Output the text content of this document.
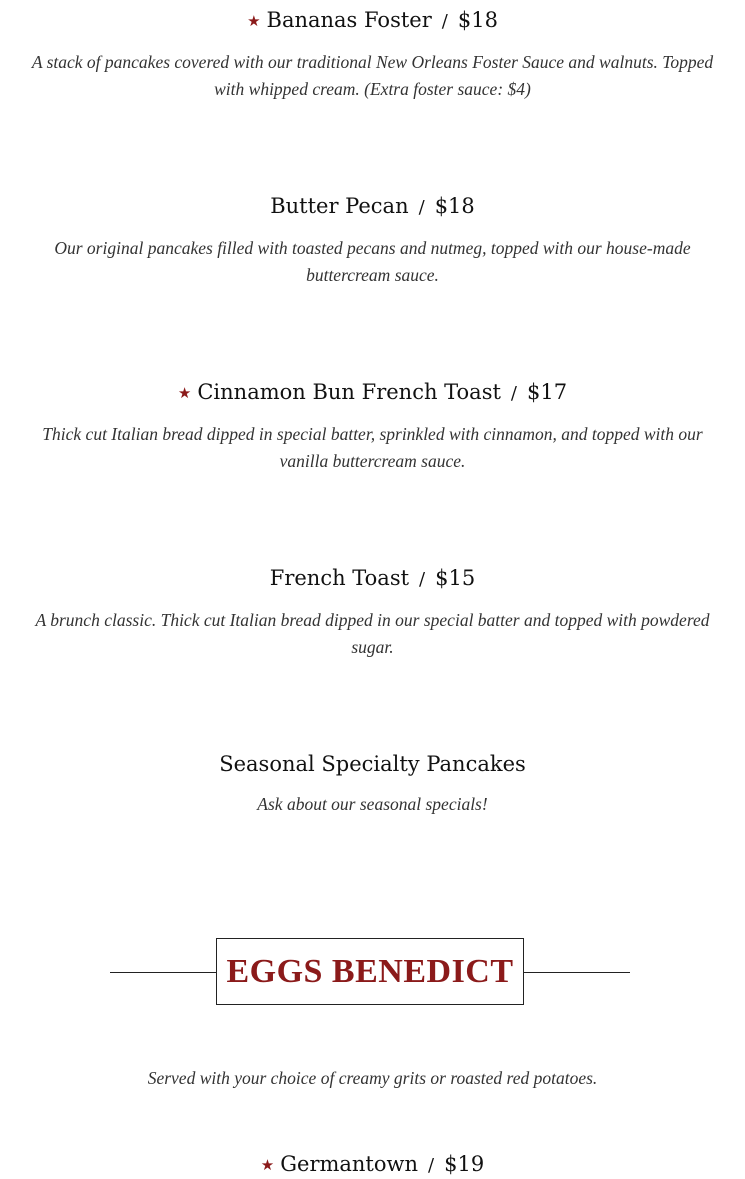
★ Bananas Foster / $18
A stack of pancakes covered with our traditional New Orleans Foster Sauce and walnuts. Topped with whipped cream. (Extra foster sauce: $4)
Butter Pecan / $18
Our original pancakes filled with toasted pecans and nutmeg, topped with our house-made buttercream sauce.
★ Cinnamon Bun French Toast / $17
Thick cut Italian bread dipped in special batter, sprinkled with cinnamon, and topped with our vanilla buttercream sauce.
French Toast / $15
A brunch classic. Thick cut Italian bread dipped in our special batter and topped with powdered sugar.
Seasonal Specialty Pancakes
Ask about our seasonal specials!
EGGS BENEDICT
Served with your choice of creamy grits or roasted red potatoes.
★ Germantown / $19
